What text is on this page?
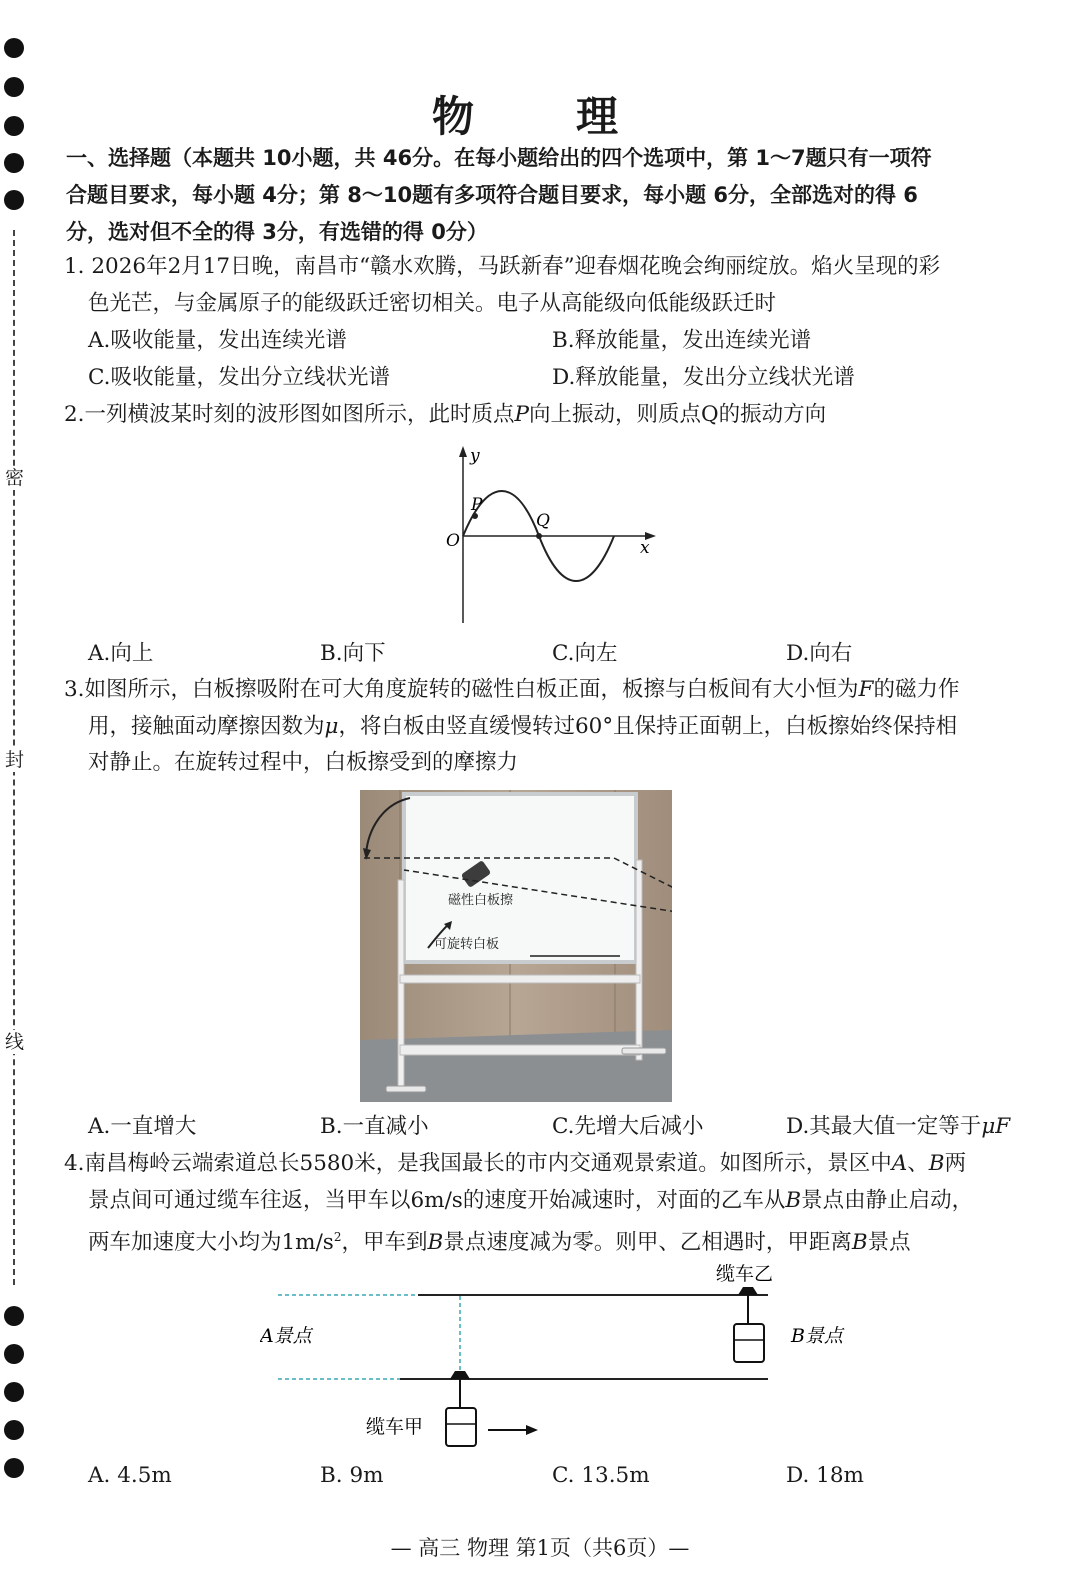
密
封
线
物　理
一、选择题（本题共 10小题，共 46分。在每小题给出的四个选项中，第 1～7题只有一项符
合题目要求，每小题 4分；第 8～10题有多项符合题目要求，每小题 6分，全部选对的得 6
分，选对但不全的得 3分，有选错的得 0分）
1. 2026年2月17日晚，南昌市“赣水欢腾，马跃新春”迎春烟花晚会绚丽绽放。焰火呈现的彩
色光芒，与金属原子的能级跃迁密切相关。电子从高能级向低能级跃迁时
A.吸收能量，发出连续光谱	B.释放能量，发出连续光谱
C.吸收能量，发出分立线状光谱	D.释放能量，发出分立线状光谱
2.一列横波某时刻的波形图如图所示，此时质点P向上振动，则质点Q的振动方向
y
x
O
P
Q
A.向上	B.向下	C.向左	D.向右
3.如图所示，白板擦吸附在可大角度旋转的磁性白板正面，板擦与白板间有大小恒为F的磁力作
用，接触面动摩擦因数为μ，将白板由竖直缓慢转过60°且保持正面朝上，白板擦始终保持相
对静止。在旋转过程中，白板擦受到的摩擦力
磁性白板擦
可旋转白板
A.一直增大	B.一直减小	C.先增大后减小	D.其最大值一定等于μF
4.南昌梅岭云端索道总长5580米，是我国最长的市内交通观景索道。如图所示，景区中A、B两
景点间可通过缆车往返，当甲车以6m/s的速度开始减速时，对面的乙车从B景点由静止启动，
两车加速度大小均为$1m/s^2$，甲车到B景点速度减为零。则甲、乙相遇时，甲距离B景点
缆车乙
缆车甲
A景点	B景点
A. 4.5m	B. 9m	C. 13.5m	D. 18m
— 高三 物理 第1页（共6页）—
